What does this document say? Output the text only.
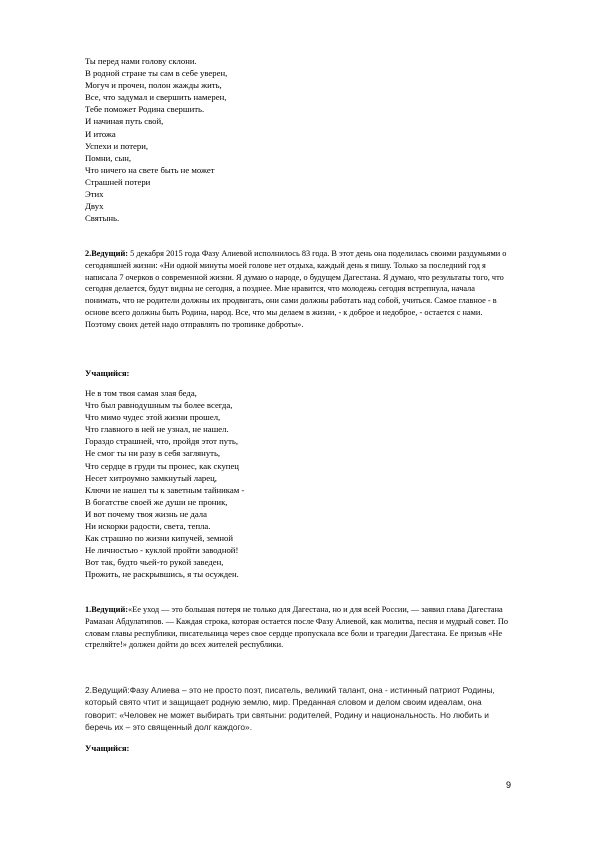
Ты перед нами голову склони.
В родной стране ты сам в себе уверен,
Могуч и прочен, полон жажды жить,
Все, что задумал и свершить намерен,
Тебе поможет Родина свершить.
И начиная путь свой,
И итожа
Успехи и потери,
Помни, сын,
Что ничего на свете быть не может
Страшней потери
Этих
Двух
Святынь.
2.Ведущий: 5 декабря 2015 года Фазу Алиевой исполнилось 83 года. В этот день она поделилась своими раздумьями о сегодняшней жизни: «Ни одной минуты моей голове нет отдыха, каждый день я пишу. Только за последний год я написала 7 очерков о современной жизни. Я думаю о народе, о будущем Дагестана. Я думаю, что результаты того, что сегодня делается, будут видны не сегодня, а позднее. Мне нравится, что молодежь сегодня встрепнула, начала понимать, что не родители должны их продвигать, они сами должны работать над собой, учиться. Самое главное - в основе всего должны быть Родина, народ. Все, что мы делаем в жизни, - к доброе и недоброе, - остается с нами. Поэтому своих детей надо отправлять по тропинке доброты».
Учащийся:
Не в том твоя самая злая беда,
Что был равнодушным ты более всегда,
Что мимо чудес этой жизни прошел,
Что главного в ней не узнал, не нашел.
Гораздо страшней, что, пройдя этот путь,
Не смог ты ни разу в себя заглянуть,
Что сердце в груди ты пронес, как скупец
Несет хитроумно замкнутый ларец,
Ключи не нашел ты к заветным тайникам -
В богатстве своей же души не проник,
И вот почему твоя жизнь не дала
Ни искорки радости, света, тепла.
Как страшно по жизни кипучей, земной
Не личностью - куклой пройти заводной!
Вот так, будто чьей-то рукой заведен,
Прожить, не раскрывшись, я ты осужден.
1.Ведущий:«Ее уход — это большая потеря не только для Дагестана, но и для всей России, — заявил глава Дагестана Рамазан Абдулатипов. — Каждая строка, которая остается после Фазу Алиевой, как молитва, песня и мудрый совет. По словам главы республики, писательница через свое сердце пропускала все боли и трагедии Дагестана. Ее призыв «Не стреляйте!» должен дойти до всех жителей республики.
2.Ведущий:Фазу Алиева – это не просто поэт, писатель, великий талант, она - истинный патриот Родины, который свято чтит и защищает родную землю, мир. Преданная словом и делом своим идеалам, она говорит: «Человек не может выбирать три святыни: родителей, Родину и национальность. Но любить и беречь их – это священный долг каждого».
Учащийся:
9
